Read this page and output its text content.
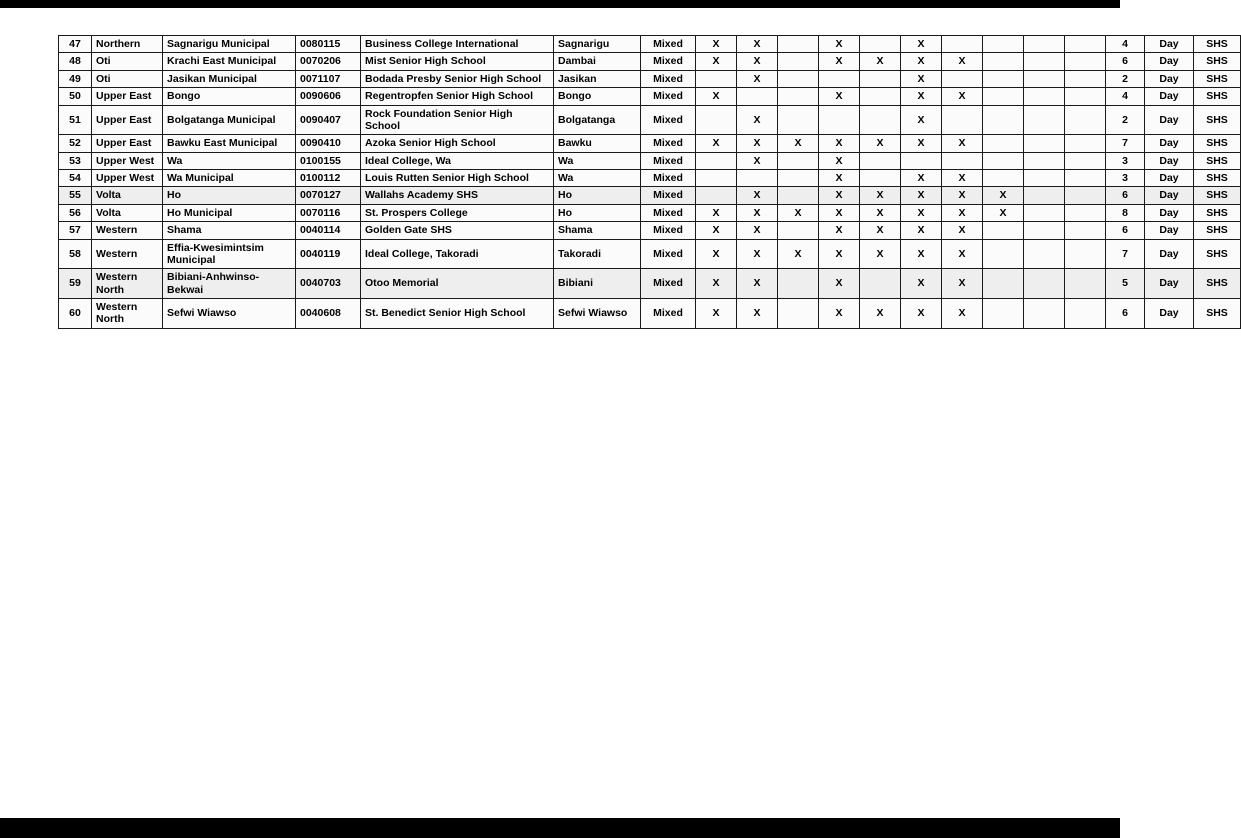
47	Northern	Sagnarigu Municipal	0080115	Business College International	Sagnarigu	Mixed	X	X		X		X					4	Day	SHS
48	Oti	Krachi East Municipal	0070206	Mist Senior High School	Dambai	Mixed	X	X		X	X	X	X				6	Day	SHS
49	Oti	Jasikan Municipal	0071107	Bodada Presby Senior High School	Jasikan	Mixed		X				X					2	Day	SHS
50	Upper East	Bongo	0090606	Regentropfen Senior High School	Bongo	Mixed	X			X		X	X				4	Day	SHS
51	Upper East	Bolgatanga Municipal	0090407	Rock Foundation Senior High School	Bolgatanga	Mixed		X				X					2	Day	SHS
52	Upper East	Bawku East Municipal	0090410	Azoka Senior High School	Bawku	Mixed	X	X	X	X	X	X	X				7	Day	SHS
53	Upper West	Wa	0100155	Ideal College, Wa	Wa	Mixed		X		X							3	Day	SHS
54	Upper West	Wa Municipal	0100112	Louis Rutten Senior High School	Wa	Mixed				X		X	X				3	Day	SHS
55	Volta	Ho	0070127	Wallahs Academy SHS	Ho	Mixed		X		X	X	X	X	X			6	Day	SHS
56	Volta	Ho Municipal	0070116	St. Prospers College	Ho	Mixed	X	X	X	X	X	X	X	X			8	Day	SHS
57	Western	Shama	0040114	Golden Gate SHS	Shama	Mixed	X	X		X	X	X	X				6	Day	SHS
58	Western	Effia-Kwesimintsim Municipal	0040119	Ideal College, Takoradi	Takoradi	Mixed	X	X	X	X	X	X	X				7	Day	SHS
59	Western North	Bibiani-Anhwinso-Bekwai	0040703	Otoo Memorial	Bibiani	Mixed	X	X		X		X	X				5	Day	SHS
60	Western North	Sefwi Wiawso	0040608	St. Benedict Senior High School	Sefwi Wiawso	Mixed	X	X		X	X	X	X				6	Day	SHS
